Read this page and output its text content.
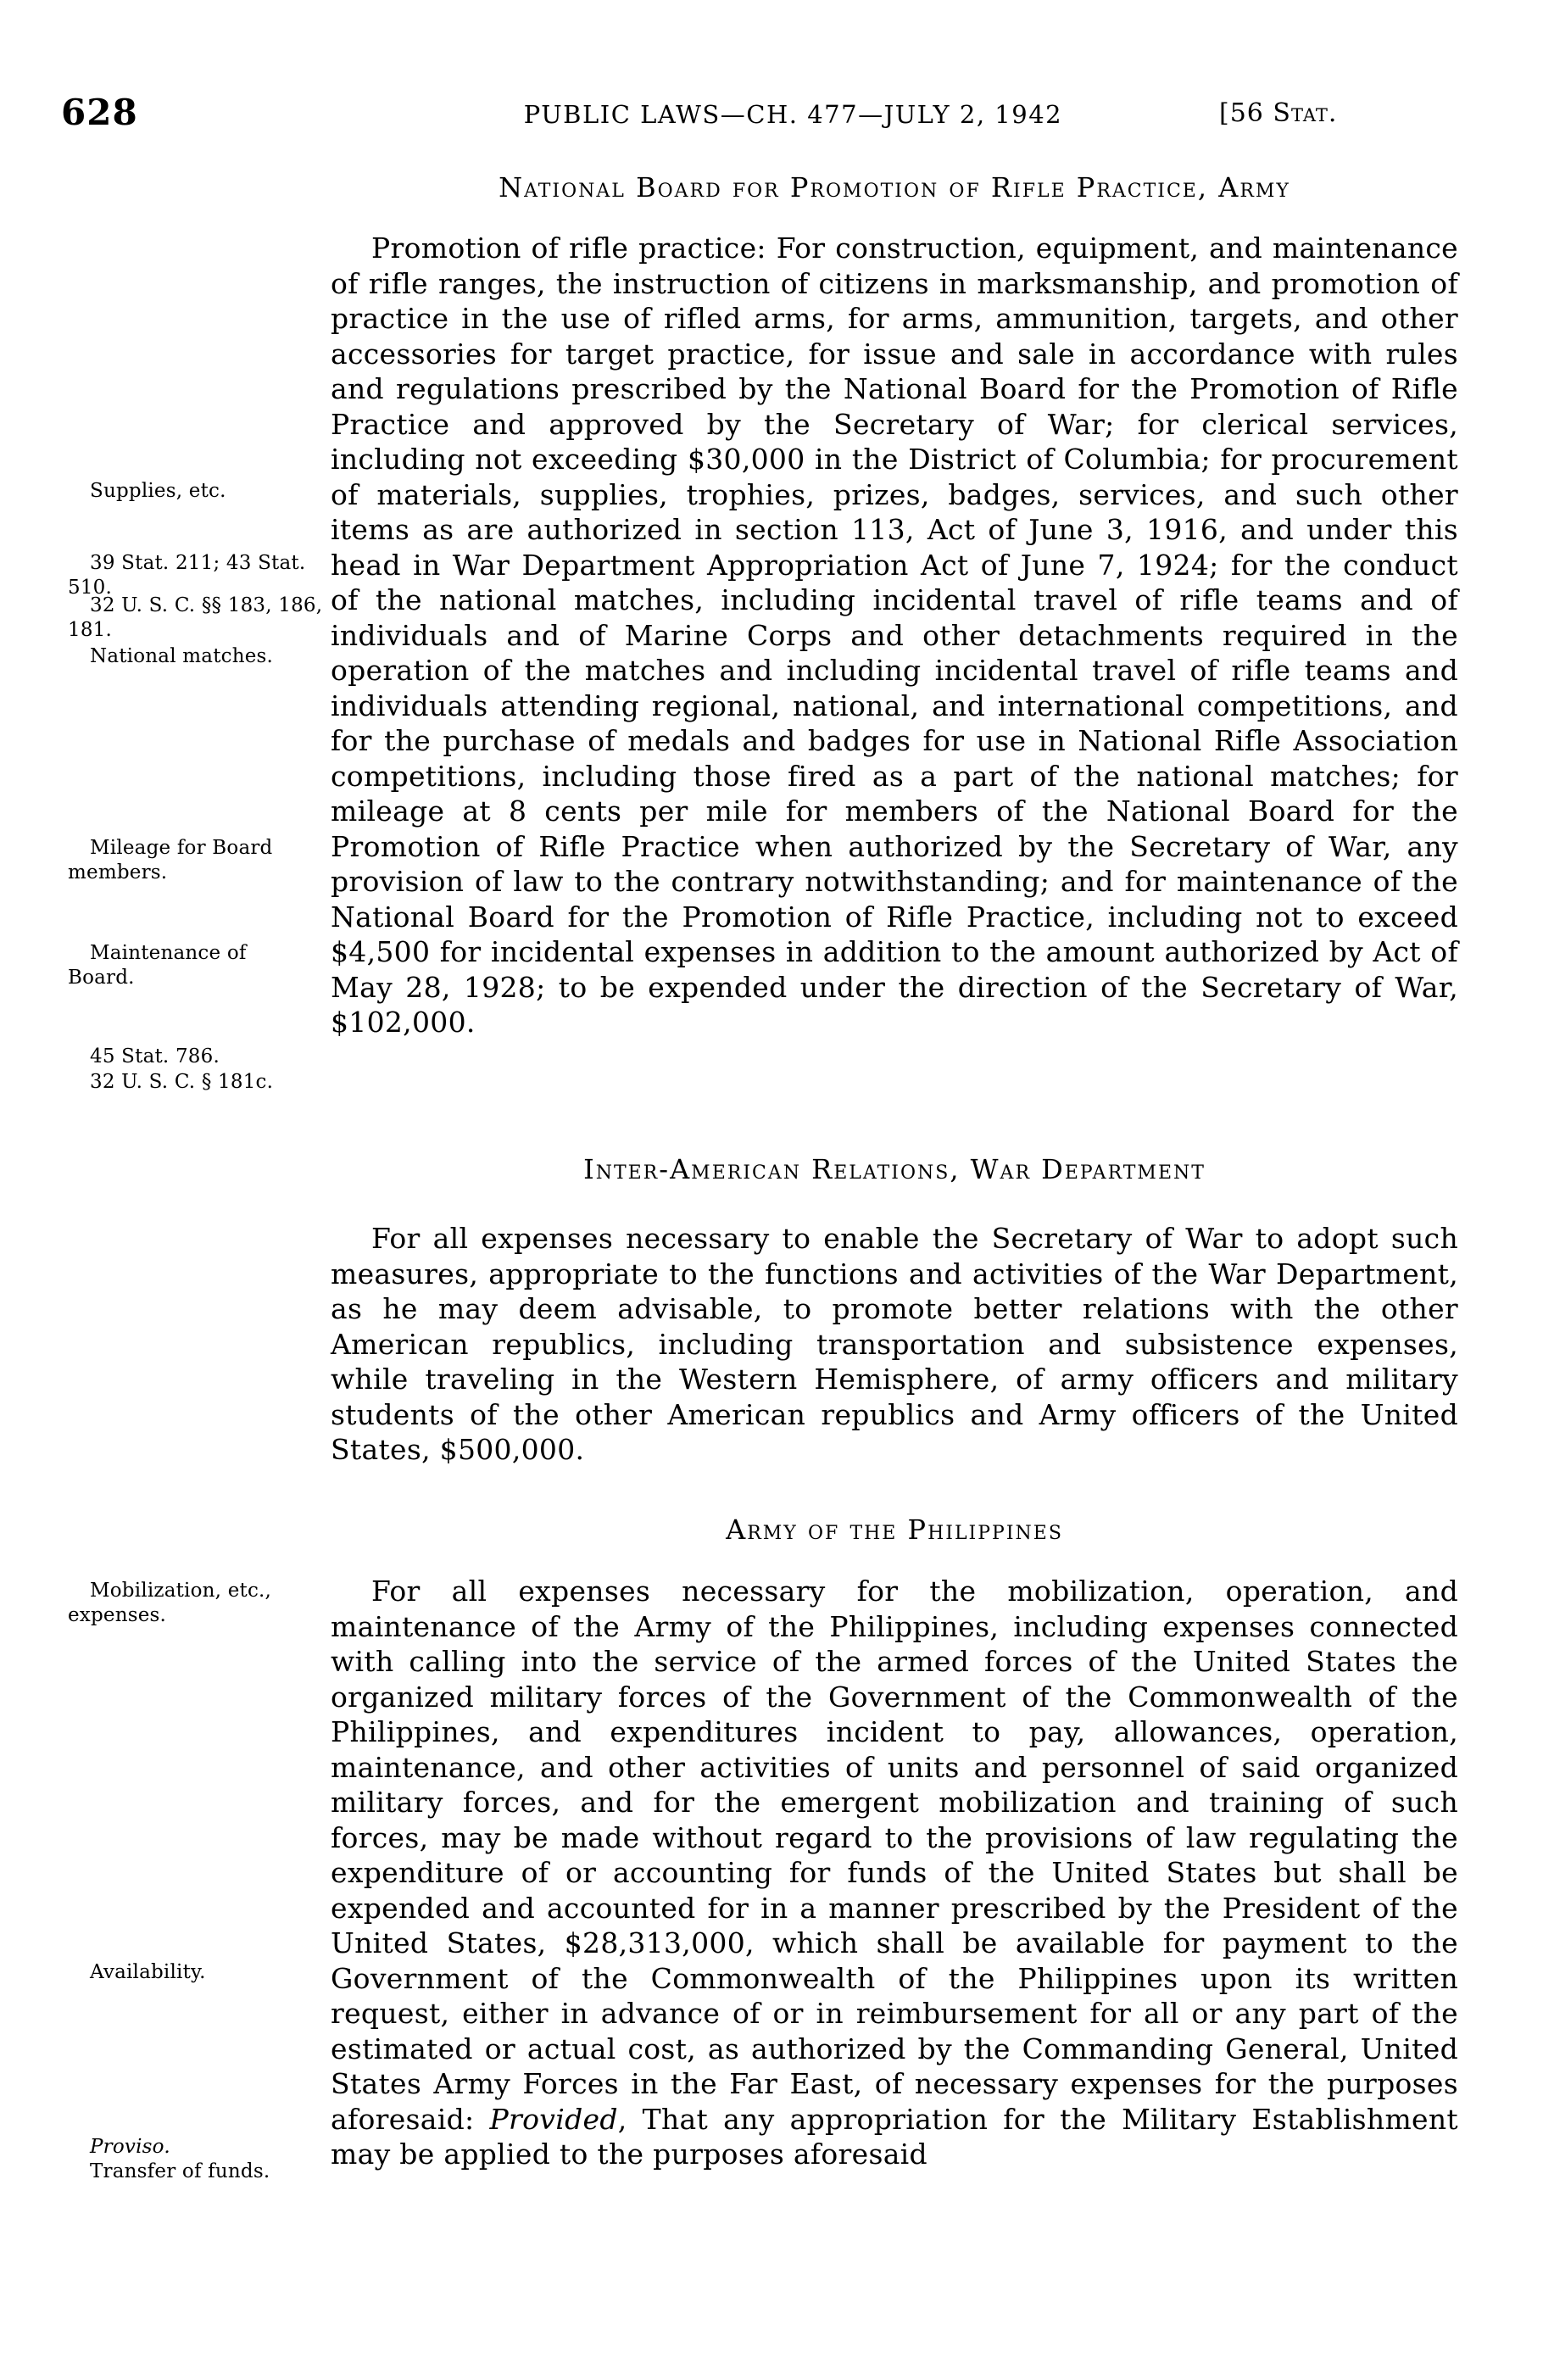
628	PUBLIC LAWS—CH. 477—JULY 2, 1942	[56 Stat.
National Board for Promotion of Rifle Practice, Army

Promotion of rifle practice: For construction, equipment, and maintenance of rifle ranges, the instruction of citizens in marksmanship, and promotion of practice in the use of rifled arms, for arms, ammunition, targets, and other accessories for target practice, for issue and sale in accordance with rules and regulations prescribed by the National Board for the Promotion of Rifle Practice and approved by the Secretary of War; for clerical services, including not exceeding $30,000 in the District of Columbia; for procurement of materials, supplies, trophies, prizes, badges, services, and such other items as are authorized in section 113, Act of June 3, 1916, and under this head in War Department Appropriation Act of June 7, 1924; for the conduct of the national matches, including incidental travel of rifle teams and of individuals and of Marine Corps and other detachments required in the operation of the matches and including incidental travel of rifle teams and individuals attending regional, national, and international competitions, and for the purchase of medals and badges for use in National Rifle Association competitions, including those fired as a part of the national matches; for mileage at 8 cents per mile for members of the National Board for the Promotion of Rifle Practice when authorized by the Secretary of War, any provision of law to the contrary notwithstanding; and for maintenance of the National Board for the Promotion of Rifle Practice, including not to exceed $4,500 for incidental expenses in addition to the amount authorized by Act of May 28, 1928; to be expended under the direction of the Secretary of War, $102,000.

Inter-American Relations, War Department

For all expenses necessary to enable the Secretary of War to adopt such measures, appropriate to the functions and activities of the War Department, as he may deem advisable, to promote better relations with the other American republics, including transportation and subsistence expenses, while traveling in the Western Hemisphere, of army officers and military students of the other American republics and Army officers of the United States, $500,000.

Army of the Philippines

For all expenses necessary for the mobilization, operation, and maintenance of the Army of the Philippines, including expenses connected with calling into the service of the armed forces of the United States the organized military forces of the Government of the Commonwealth of the Philippines, and expenditures incident to pay, allowances, operation, maintenance, and other activities of units and personnel of said organized military forces, and for the emergent mobilization and training of such forces, may be made without regard to the provisions of law regulating the expenditure of or accounting for funds of the United States but shall be expended and accounted for in a manner prescribed by the President of the United States, $28,313,000, which shall be available for payment to the Government of the Commonwealth of the Philippines upon its written request, either in advance of or in reimbursement for all or any part of the estimated or actual cost, as authorized by the Commanding General, United States Army Forces in the Far East, of necessary expenses for the purposes aforesaid: Provided, That any appropriation for the Military Establishment may be applied to the purposes aforesaid

Supplies, etc.
39 Stat. 211; 43 Stat. 510.
32 U. S. C. §§ 183, 186, 181.
National matches.
Mileage for Board members.
Maintenance of Board.
45 Stat. 786.
32 U. S. C. § 181c.
Mobilization, etc., expenses.
Availability.
Proviso.
Transfer of funds.
